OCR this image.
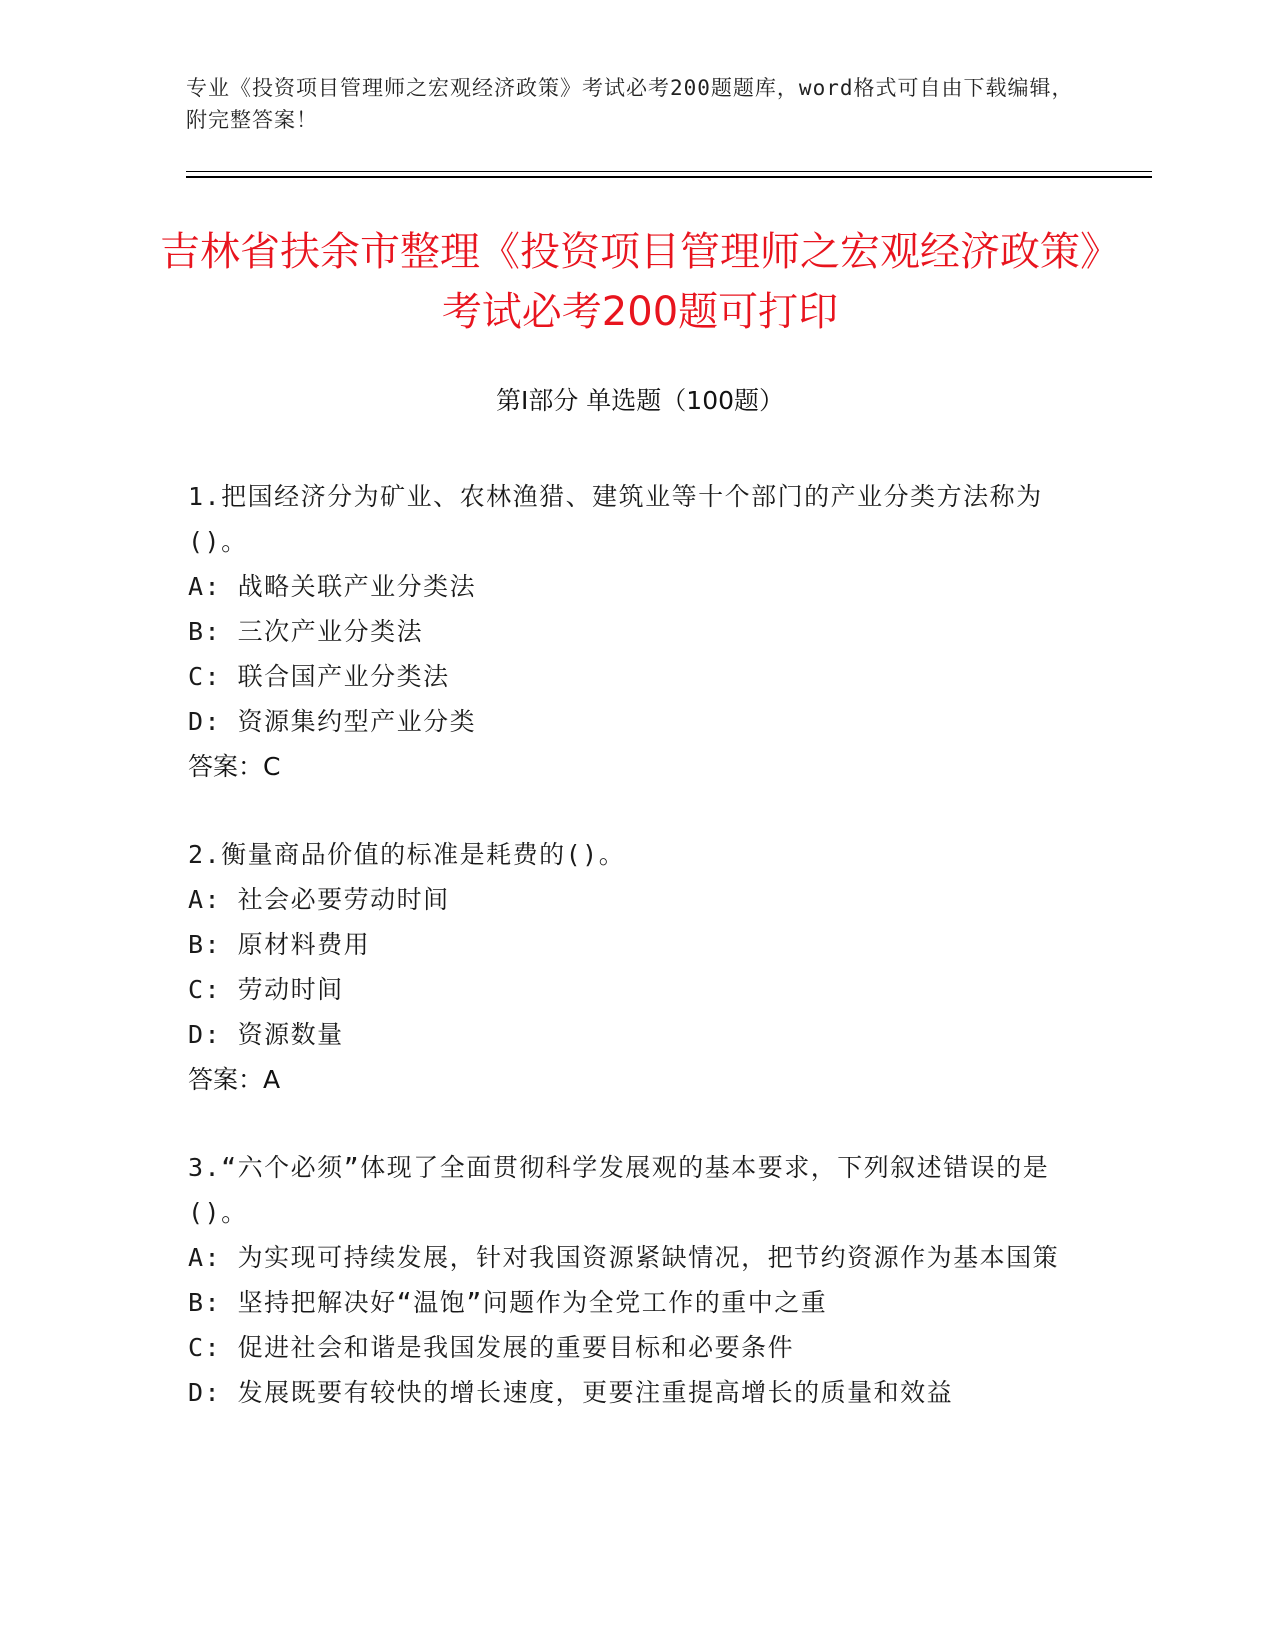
专业《投资项目管理师之宏观经济政策》考试必考200题题库，word格式可自由下载编辑，附完整答案！
吉林省扶余市整理《投资项目管理师之宏观经济政策》考试必考200题可打印
第Ⅰ部分 单选题（100题）
1.把国经济分为矿业、农林渔猎、建筑业等十个部门的产业分类方法称为()。
A: 战略关联产业分类法
B: 三次产业分类法
C: 联合国产业分类法
D: 资源集约型产业分类
答案：C
2.衡量商品价值的标准是耗费的()。
A: 社会必要劳动时间
B: 原材料费用
C: 劳动时间
D: 资源数量
答案：A
3.“六个必须”体现了全面贯彻科学发展观的基本要求，下列叙述错误的是()。
A: 为实现可持续发展，针对我国资源紧缺情况，把节约资源作为基本国策
B: 坚持把解决好“温饱”问题作为全党工作的重中之重
C: 促进社会和谐是我国发展的重要目标和必要条件
D: 发展既要有较快的增长速度，更要注重提高增长的质量和效益
